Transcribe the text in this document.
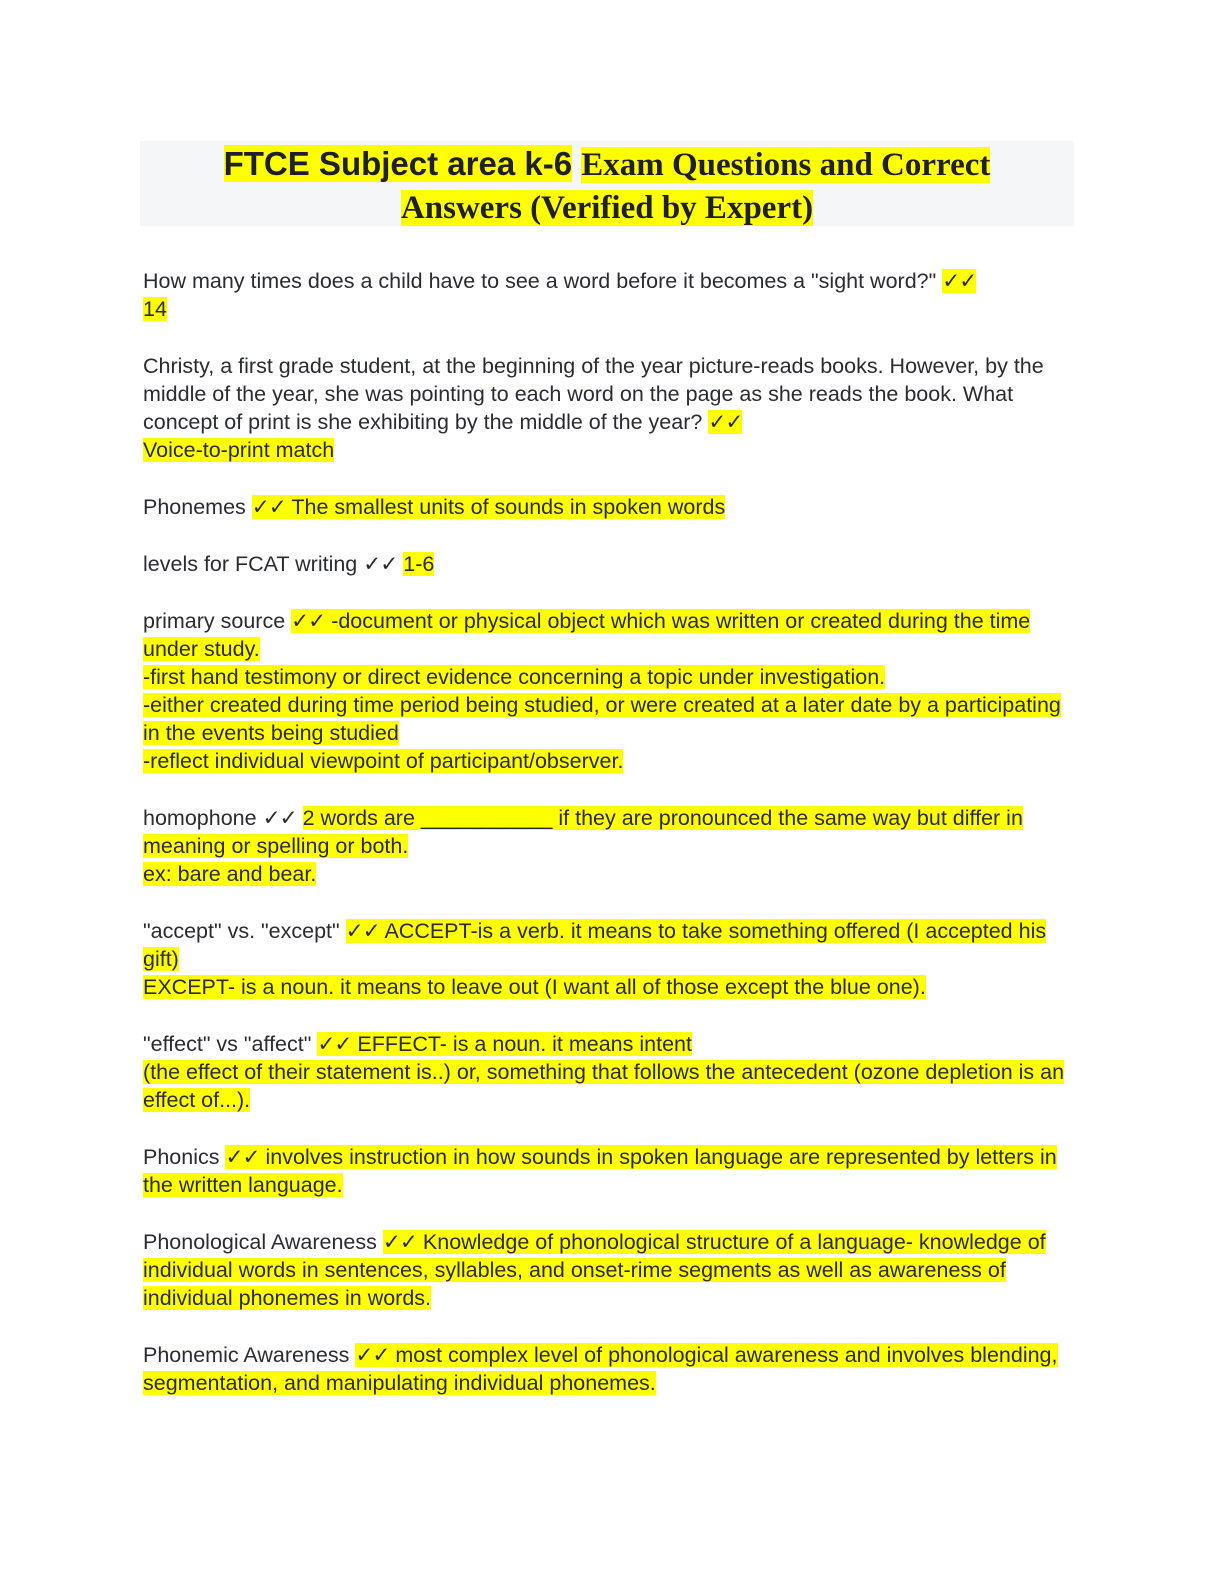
FTCE Subject area k-6 Exam Questions and Correct
Answers (Verified by Expert)

How many times does a child have to see a word before it becomes a "sight word?" ✓✓
14

Christy, a first grade student, at the beginning of the year picture-reads books. However, by the middle of the year, she was pointing to each word on the page as she reads the book. What concept of print is she exhibiting by the middle of the year? ✓✓
Voice-to-print match

Phonemes ✓✓ The smallest units of sounds in spoken words

levels for FCAT writing ✓✓ 1-6

primary source ✓✓ -document or physical object which was written or created during the time under study.
-first hand testimony or direct evidence concerning a topic under investigation.
-either created during time period being studied, or were created at a later date by a participating in the events being studied
-reflect individual viewpoint of participant/observer.

homophone ✓✓ 2 words are ___________ if they are pronounced the same way but differ in meaning or spelling or both.
ex: bare and bear.

"accept" vs. "except" ✓✓ ACCEPT-is a verb. it means to take something offered (I accepted his gift)
EXCEPT- is a noun. it means to leave out (I want all of those except the blue one).

"effect" vs "affect" ✓✓ EFFECT- is a noun. it means intent
(the effect of their statement is..) or, something that follows the antecedent (ozone depletion is an effect of...).

Phonics ✓✓ involves instruction in how sounds in spoken language are represented by letters in the written language.

Phonological Awareness ✓✓ Knowledge of phonological structure of a language- knowledge of individual words in sentences, syllables, and onset-rime segments as well as awareness of individual phonemes in words.

Phonemic Awareness ✓✓ most complex level of phonological awareness and involves blending, segmentation, and manipulating individual phonemes.
